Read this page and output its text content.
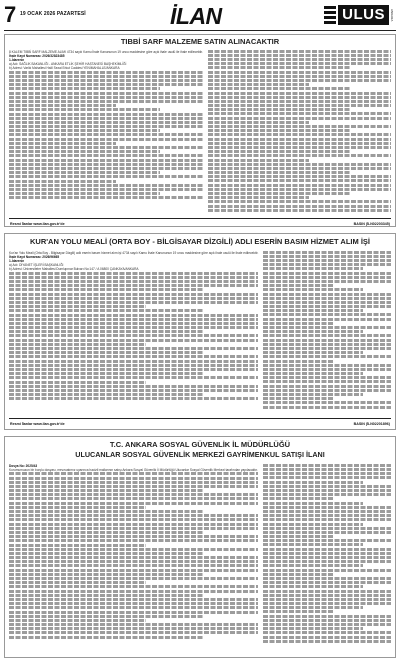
7 19 OCAK 2026 PAZARTESİ	İLAN	ULUS	ANKARA
TIBBİ SARF MALZEME SATIN ALINACAKTIR
8 KALEM TIBBİ SARF MALZEME ALIMI 4734 sayılı Kamu İhale Kanununun 19 uncu maddesine göre açık ihale usulü ile ihale edilecektir.
İhale Kayıt Numarası: 2026/32823485
1-İdarenin
a) Adı: SAĞLIK BAKANLIĞI - ANKARA ETLİK ŞEHİR HASTANESİ BAŞHEKİMLİĞİ
b) Adresi: Varlık Mahallesi Halil Sezai Erkut Caddesi YENİMAHALLE/ANKARA
Resmi İlanlar www.ilan.gov.tr'de	BASIN (İLN02203345)
KUR'AN YOLU MEALİ (ORTA BOY - BİLGİSAYAR DİZGİLİ) ADLI ESERİN BASIM HİZMET ALIM İŞİ
Kur'an Yolu Meali (Orta Boy - Bilgisayar Dizgili) adlı eserin basım hizmet alım işi 4734 sayılı Kamu İhale Kanununun 19 uncu maddesine göre açık ihale usulü ile ihale edilecektir.
İhale Kayıt Numarası: 2026/96665
1-İdarenin
a) Adı: DİYANET İŞLERİ BAŞKANLIĞI
b) Adresi: Üniversiteler Mahallesi Dumlupınar Bulvarı No:147 / A 06800 ÇANKAYA/ANKARA
Resmi İlanlar www.ilan.gov.tr'de	BASIN (İLN02201896)
T.C. ANKARA SOSYAL GÜVENLİK İL MÜDÜRLÜĞÜ
ULUCANLAR SOSYAL GÜVENLİK MERKEZİ GAYRİMENKUL SATIŞI İLANI
Dosya No: 2025/43
Kurumumuzun bir borçlu dosyası, mevzuatımız uyarınca hacizli mallarının satışı Ankara Sosyal Güvenlik İl Müdürlüğü Ulucanlar Sosyal Güvenlik Merkezi tarafından yapılacaktır.
